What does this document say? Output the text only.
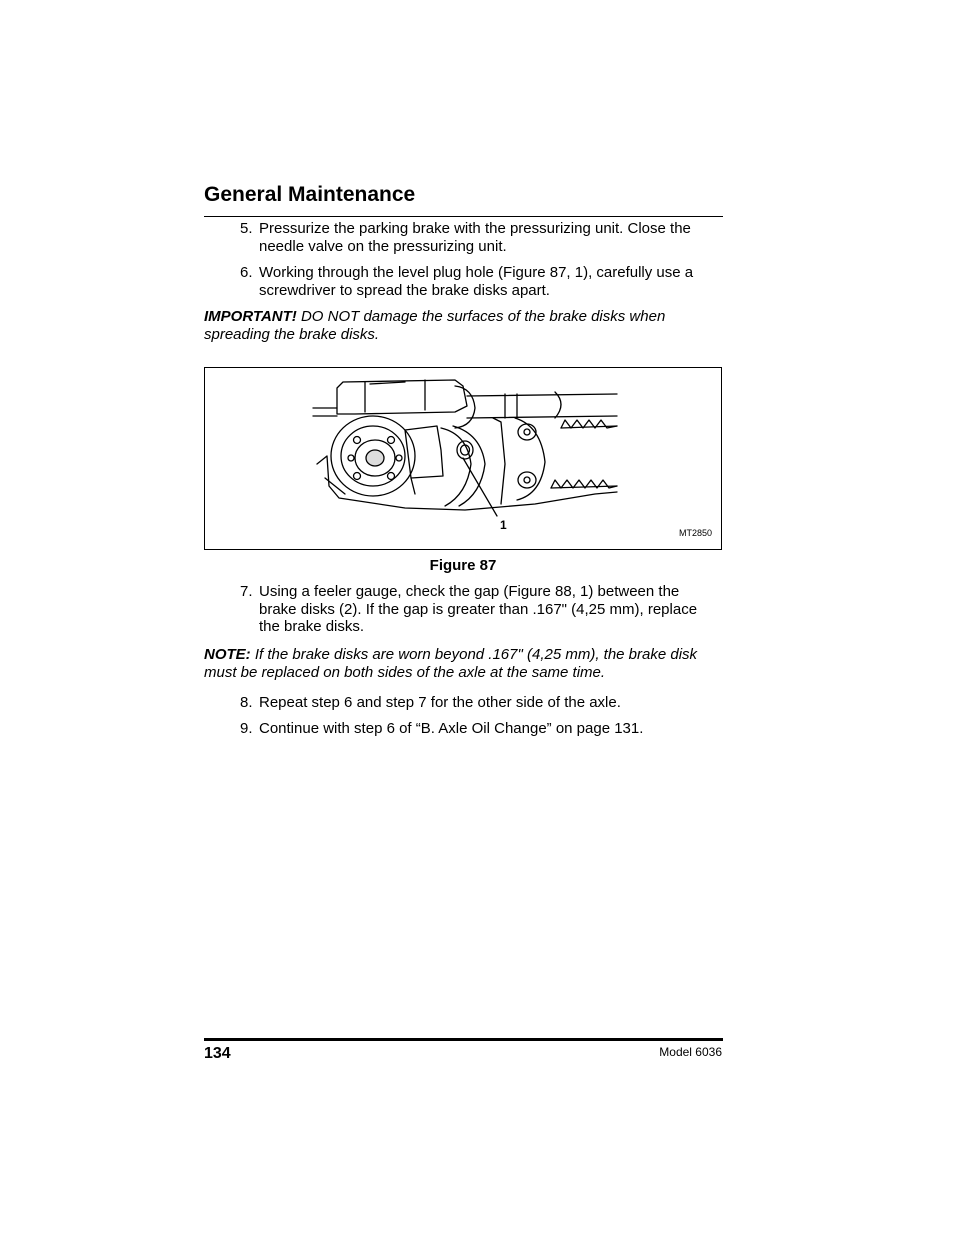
General Maintenance
5. Pressurize the parking brake with the pressurizing unit. Close the needle valve on the pressurizing unit.
6. Working through the level plug hole (Figure 87, 1), carefully use a screwdriver to spread the brake disks apart.
IMPORTANT! DO NOT damage the surfaces of the brake disks when spreading the brake disks.
1
MT2850
Figure 87
7. Using a feeler gauge, check the gap (Figure 88, 1) between the brake disks (2). If the gap is greater than .167" (4,25 mm), replace the brake disks.
NOTE: If the brake disks are worn beyond .167" (4,25 mm), the brake disk must be replaced on both sides of the axle at the same time.
8. Repeat step 6 and step 7 for the other side of the axle.
9. Continue with step 6 of “B. Axle Oil Change” on page 131.
134	Model 6036
